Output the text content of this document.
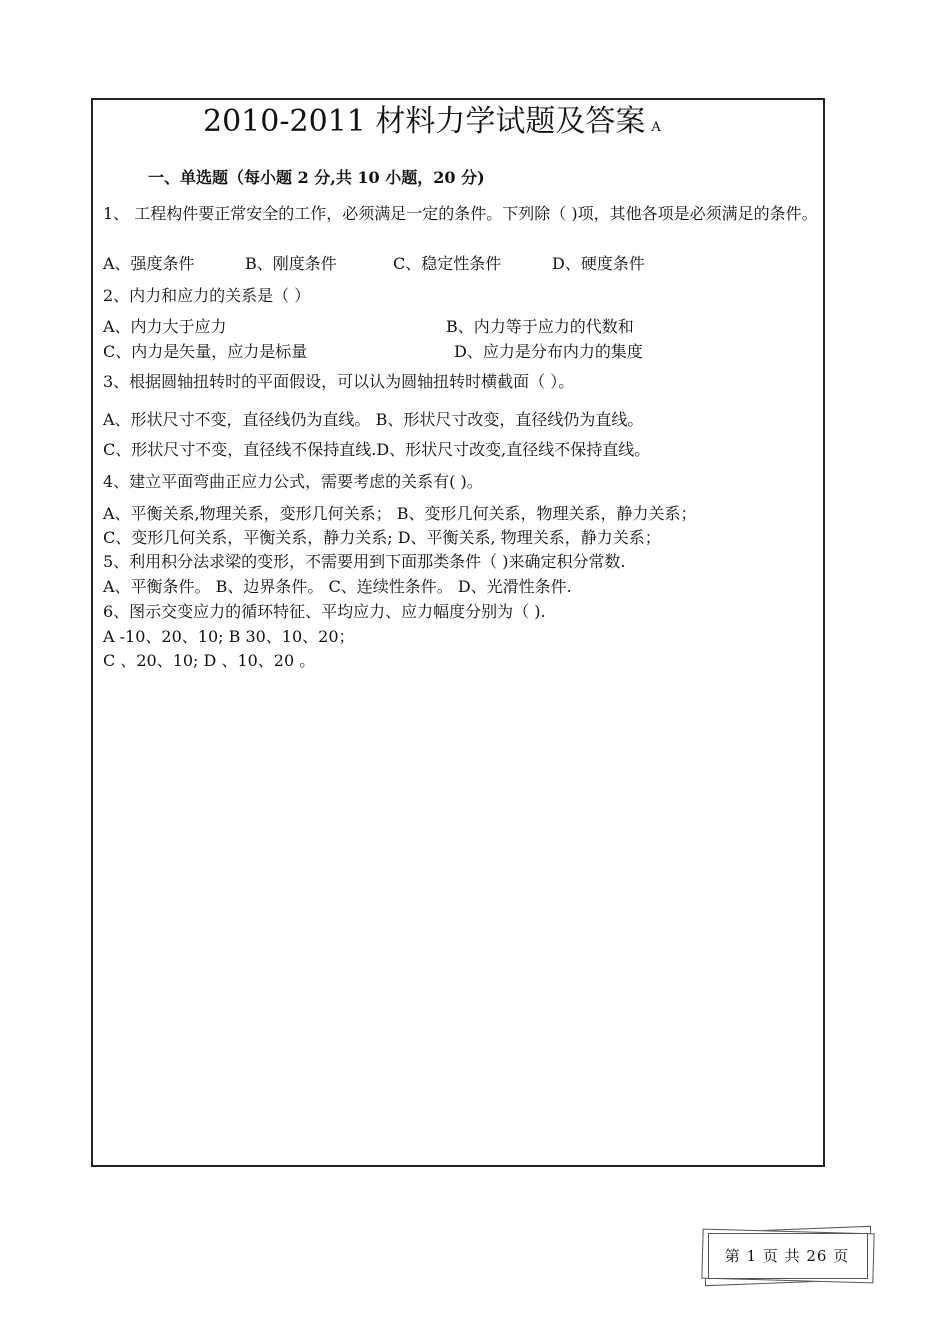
2010-2011 材料力学试题及答案 A
一、单选题（每小题 2 分,共 10 小题，20 分)
1、 工程构件要正常安全的工作，必须满足一定的条件。下列除（ )项，其他各项是必须满足的条件。
A、强度条件	B、刚度条件	C、稳定性条件	D、硬度条件
2、内力和应力的关系是（ ）
A、内力大于应力	B、内力等于应力的代数和
C、内力是矢量，应力是标量	D、应力是分布内力的集度
3、根据圆轴扭转时的平面假设，可以认为圆轴扭转时横截面（ ）。
A、形状尺寸不变，直径线仍为直线。 B、形状尺寸改变，直径线仍为直线。
C、形状尺寸不变，直径线不保持直线.D、形状尺寸改变,直径线不保持直线。
4、建立平面弯曲正应力公式，需要考虑的关系有( )。
A、平衡关系,物理关系，变形几何关系； B、变形几何关系，物理关系，静力关系；
C、变形几何关系，平衡关系，静力关系; D、平衡关系, 物理关系，静力关系；
5、利用积分法求梁的变形，不需要用到下面那类条件（ )来确定积分常数.
A、平衡条件。 B、边界条件。 C、连续性条件。 D、光滑性条件.
6、图示交变应力的循环特征、平均应力、应力幅度分别为（ ).
A -10、20、10; B 30、10、20；
C 、20、10; D 、10、20 。
第 1 页 共 26 页
